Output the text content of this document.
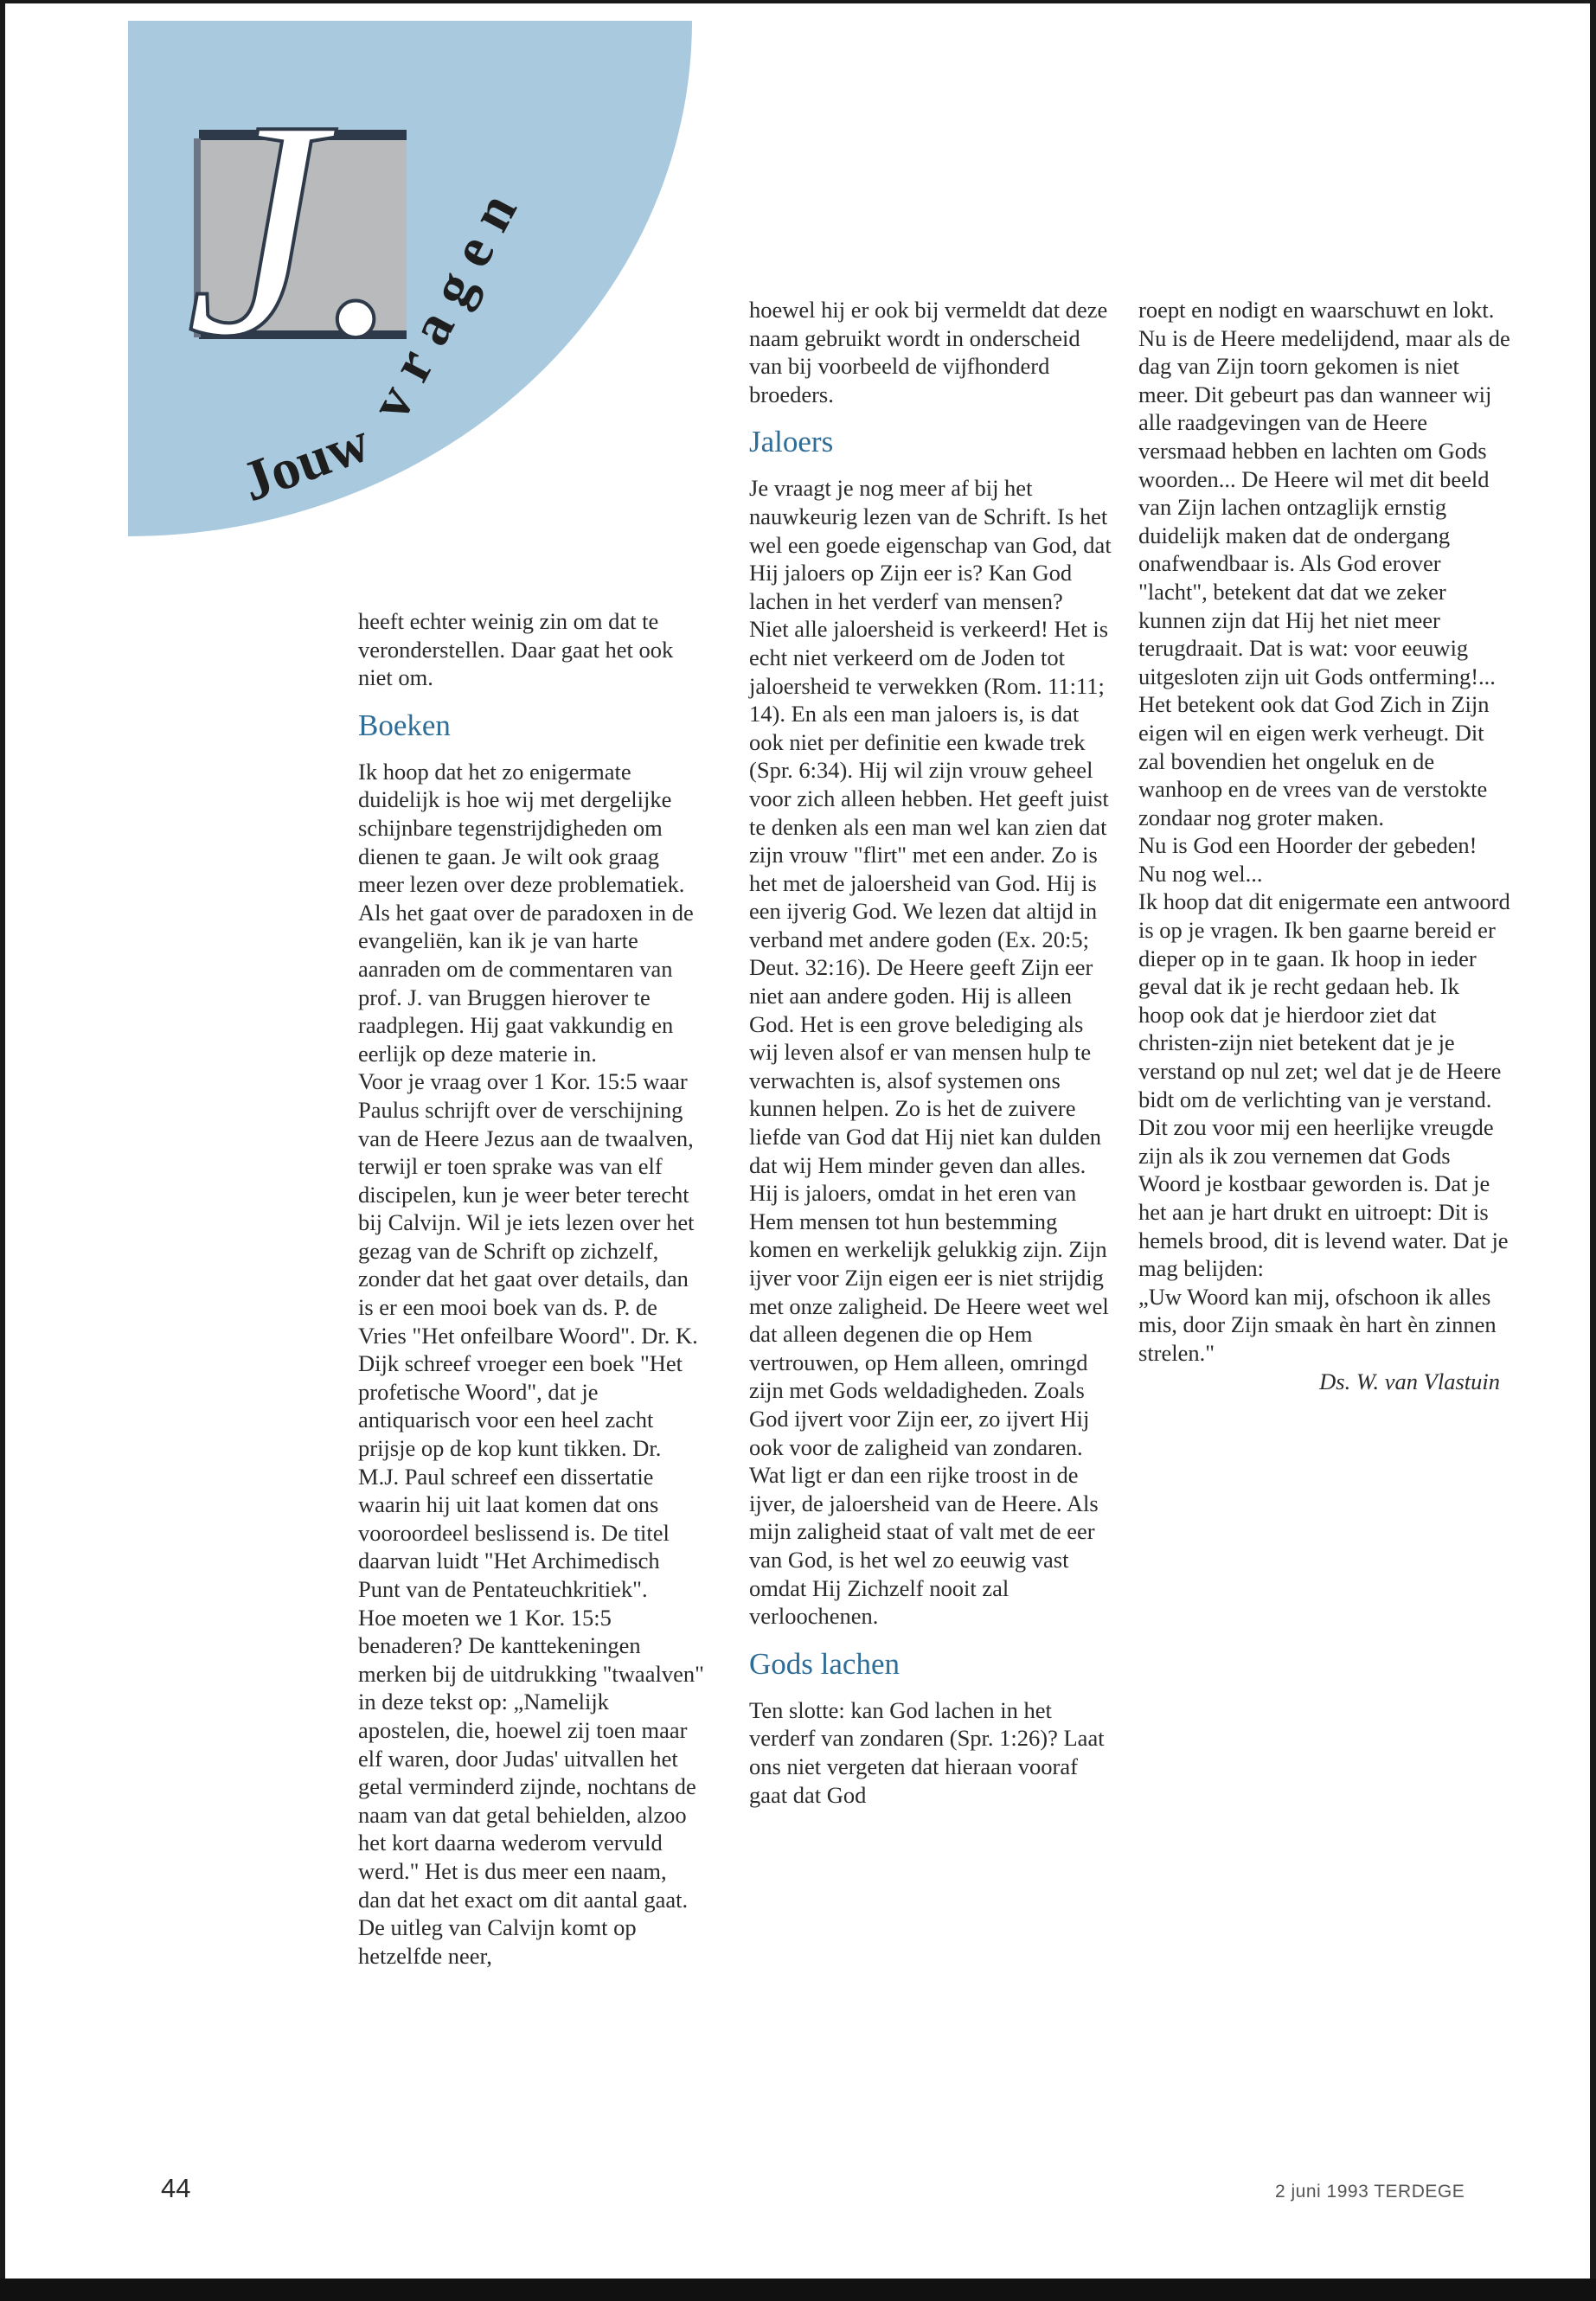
J.
Jouw
vragen

heeft echter weinig zin om dat te veronderstellen. Daar gaat het ook niet om.

Boeken

Ik hoop dat het zo enigermate duidelijk is hoe wij met dergelijke schijnbare tegenstrijdigheden om dienen te gaan. Je wilt ook graag meer lezen over deze problematiek. Als het gaat over de paradoxen in de evangeliën, kan ik je van harte aanraden om de commentaren van prof. J. van Bruggen hierover te raadplegen. Hij gaat vakkundig en eerlijk op deze materie in.

Voor je vraag over 1 Kor. 15:5 waar Paulus schrijft over de verschijning van de Heere Jezus aan de twaalven, terwijl er toen sprake was van elf discipelen, kun je weer beter terecht bij Calvijn. Wil je iets lezen over het gezag van de Schrift op zichzelf, zonder dat het gaat over details, dan is er een mooi boek van ds. P. de Vries "Het onfeilbare Woord". Dr. K. Dijk schreef vroeger een boek "Het profetische Woord", dat je antiquarisch voor een heel zacht prijsje op de kop kunt tikken. Dr. M.J. Paul schreef een dissertatie waarin hij uit laat komen dat ons vooroordeel beslissend is. De titel daarvan luidt "Het Archimedisch Punt van de Pentateuchkritiek".

Hoe moeten we 1 Kor. 15:5 benaderen? De kanttekeningen merken bij de uitdrukking "twaalven" in deze tekst op: „Namelijk apostelen, die, hoewel zij toen maar elf waren, door Judas' uitvallen het getal verminderd zijnde, nochtans de naam van dat getal behielden, alzoo het kort daarna wederom vervuld werd." Het is dus meer een naam, dan dat het exact om dit aantal gaat. De uitleg van Calvijn komt op hetzelfde neer,

hoewel hij er ook bij vermeldt dat deze naam gebruikt wordt in onderscheid van bij voorbeeld de vijfhonderd broeders.

Jaloers

Je vraagt je nog meer af bij het nauwkeurig lezen van de Schrift. Is het wel een goede eigenschap van God, dat Hij jaloers op Zijn eer is? Kan God lachen in het verderf van mensen?

Niet alle jaloersheid is verkeerd! Het is echt niet verkeerd om de Joden tot jaloersheid te verwekken (Rom. 11:11; 14). En als een man jaloers is, is dat ook niet per definitie een kwade trek (Spr. 6:34). Hij wil zijn vrouw geheel voor zich alleen hebben. Het geeft juist te denken als een man wel kan zien dat zijn vrouw "flirt" met een ander. Zo is het met de jaloersheid van God. Hij is een ijverig God. We lezen dat altijd in verband met andere goden (Ex. 20:5; Deut. 32:16). De Heere geeft Zijn eer niet aan andere goden. Hij is alleen God. Het is een grove belediging als wij leven alsof er van mensen hulp te verwachten is, alsof systemen ons kunnen helpen. Zo is het de zuivere liefde van God dat Hij niet kan dulden dat wij Hem minder geven dan alles.

Hij is jaloers, omdat in het eren van Hem mensen tot hun bestemming komen en werkelijk gelukkig zijn. Zijn ijver voor Zijn eigen eer is niet strijdig met onze zaligheid. De Heere weet wel dat alleen degenen die op Hem vertrouwen, op Hem alleen, omringd zijn met Gods weldadigheden. Zoals God ijvert voor Zijn eer, zo ijvert Hij ook voor de zaligheid van zondaren. Wat ligt er dan een rijke troost in de ijver, de jaloersheid van de Heere. Als mijn zaligheid staat of valt met de eer van God, is het wel zo eeuwig vast omdat Hij Zichzelf nooit zal verloochenen.

Gods lachen

Ten slotte: kan God lachen in het verderf van zondaren (Spr. 1:26)? Laat ons niet vergeten dat hieraan vooraf gaat dat God

roept en nodigt en waarschuwt en lokt. Nu is de Heere medelijdend, maar als de dag van Zijn toorn gekomen is niet meer. Dit gebeurt pas dan wanneer wij alle raadgevingen van de Heere versmaad hebben en lachten om Gods woorden... De Heere wil met dit beeld van Zijn lachen ontzaglijk ernstig duidelijk maken dat de ondergang onafwendbaar is. Als God erover "lacht", betekent dat dat we zeker kunnen zijn dat Hij het niet meer terugdraait. Dat is wat: voor eeuwig uitgesloten zijn uit Gods ontferming!... Het betekent ook dat God Zich in Zijn eigen wil en eigen werk verheugt. Dit zal bovendien het ongeluk en de wanhoop en de vrees van de verstokte zondaar nog groter maken.

Nu is God een Hoorder der gebeden! Nu nog wel...

Ik hoop dat dit enigermate een antwoord is op je vragen. Ik ben gaarne bereid er dieper op in te gaan. Ik hoop in ieder geval dat ik je recht gedaan heb. Ik hoop ook dat je hierdoor ziet dat christen-zijn niet betekent dat je je verstand op nul zet; wel dat je de Heere bidt om de verlichting van je verstand. Dit zou voor mij een heerlijke vreugde zijn als ik zou vernemen dat Gods Woord je kostbaar geworden is. Dat je het aan je hart drukt en uitroept: Dit is hemels brood, dit is levend water. Dat je mag belijden:

„Uw Woord kan mij, ofschoon ik alles mis, door Zijn smaak èn hart èn zinnen strelen."

Ds. W. van Vlastuin

44	2 juni 1993 TERDEGE
